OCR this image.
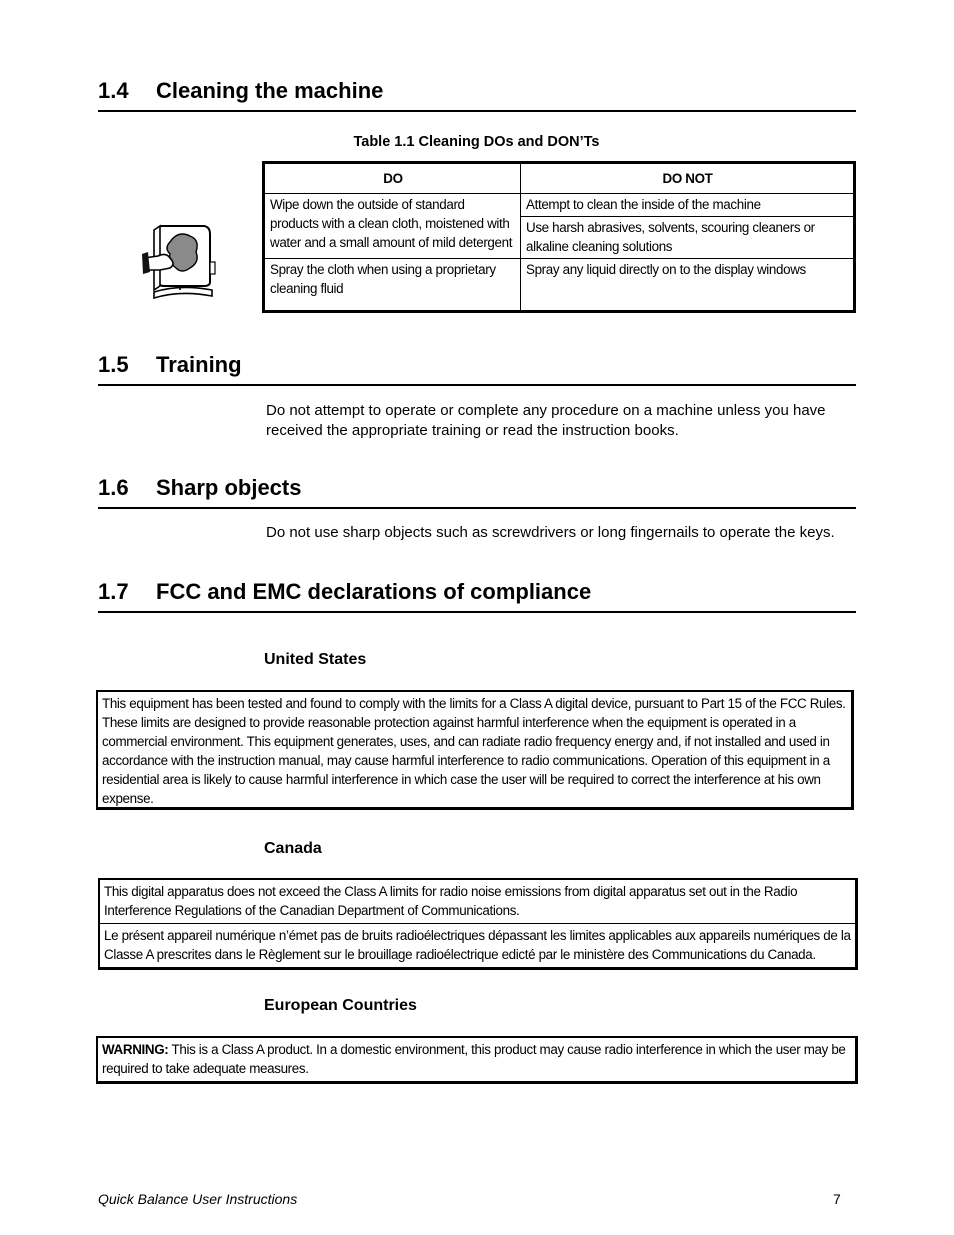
1.4 Cleaning the machine
Table 1.1 Cleaning DOs and DON’Ts
DO	DO NOT
Wipe down the outside of standard products with a clean cloth, moistened with water and a small amount of mild detergent	Attempt to clean the inside of the machine
	Use harsh abrasives, solvents, scouring cleaners or alkaline cleaning solutions
Spray the cloth when using a proprietary cleaning fluid	Spray any liquid directly on to the display windows
1.5 Training
Do not attempt to operate or complete any procedure on a machine unless you have received the appropriate training or read the instruction books.
1.6 Sharp objects
Do not use sharp objects such as screwdrivers or long fingernails to operate the keys.
1.7 FCC and EMC declarations of compliance
United States
This equipment has been tested and found to comply with the limits for a Class A digital device, pursuant to Part 15 of the FCC Rules. These limits are designed to provide reasonable protection against harmful interference when the equipment is operated in a commercial environment. This equipment generates, uses, and can radiate radio frequency energy and, if not installed and used in accordance with the instruction manual, may cause harmful interference to radio communications. Operation of this equipment in a residential area is likely to cause harmful interference in which case the user will be required to correct the interference at his own expense.
Canada
This digital apparatus does not exceed the Class A limits for radio noise emissions from digital apparatus set out in the Radio Interference Regulations of the Canadian Department of Communications.
Le présent appareil numérique n’émet pas de bruits radioélectriques dépassant les limites applicables aux appareils numériques de la Classe A prescrites dans le Règlement sur le brouillage radioélectrique edicté par le ministère des Communications du Canada.
European Countries
WARNING: This is a Class A product. In a domestic environment, this product may cause radio interference in which the user may be required to take adequate measures.
Quick Balance User Instructions	7
